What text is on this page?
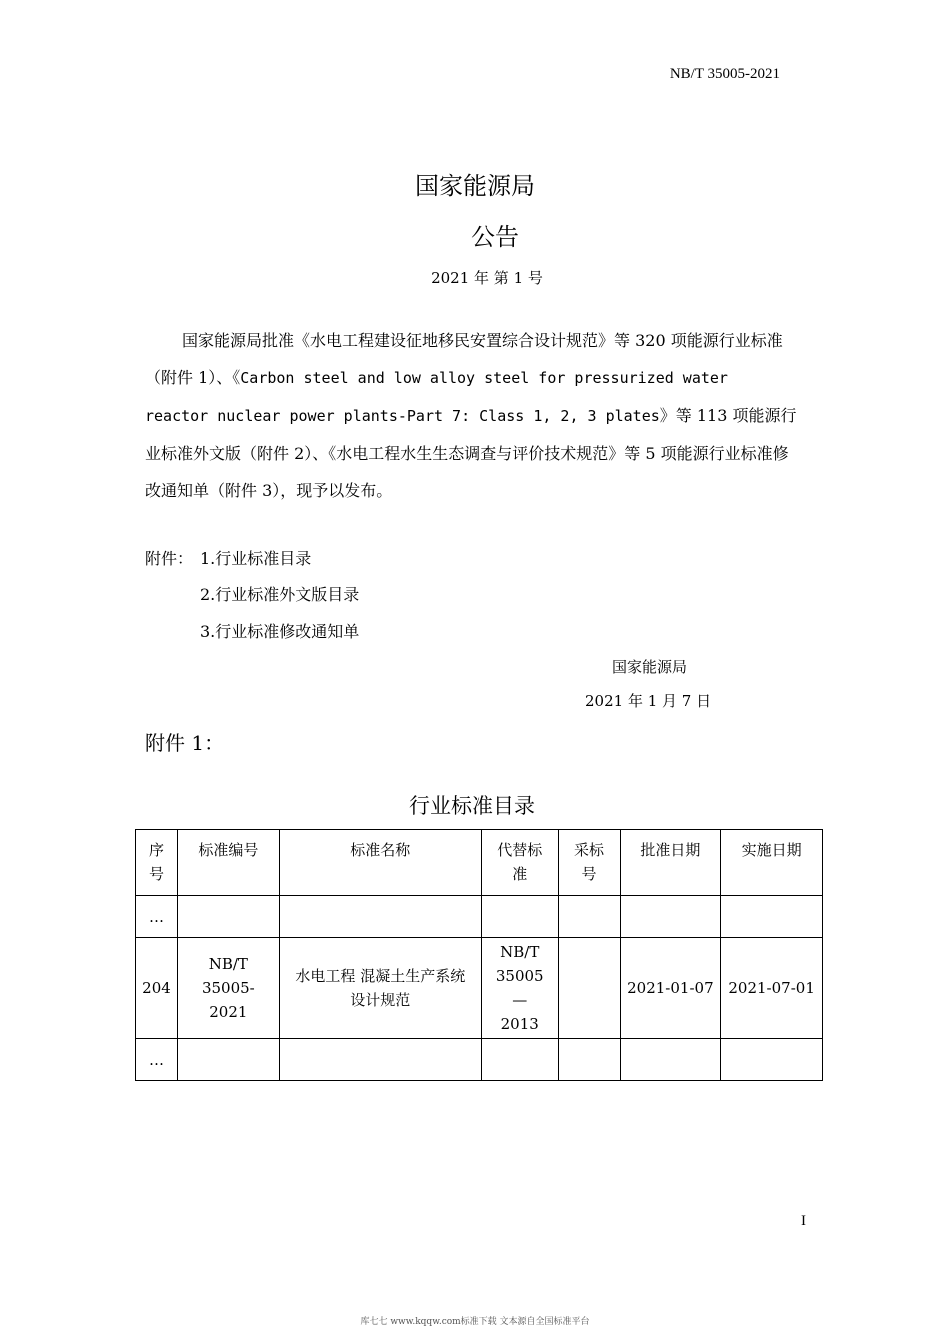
NB/T 35005-2021
国家能源局
公告
2021 年 第 1 号

国家能源局批准《水电工程建设征地移民安置综合设计规范》等 320 项能源行业标准（附件 1）、《Carbon steel and low alloy steel for pressurized water reactor nuclear power plants-Part 7: Class 1, 2, 3 plates》等 113 项能源行业标准外文版（附件 2）、《水电工程水生生态调查与评价技术规范》等 5 项能源行业标准修改通知单（附件 3），现予以发布。

附件： 1.行业标准目录
2.行业标准外文版目录
3.行业标准修改通知单
国家能源局
2021 年 1 月 7 日
附件 1：
行业标准目录
序号	标准编号	标准名称	代替标准	采标号	批准日期	实施日期
…						
204	NB/T 35005-2021	水电工程 混凝土生产系统设计规范	NB/T 35005 —2013		2021-01-07	2021-07-01
…						
I
库七七 www.kqqw.com标准下载 文本源自全国标准平台
